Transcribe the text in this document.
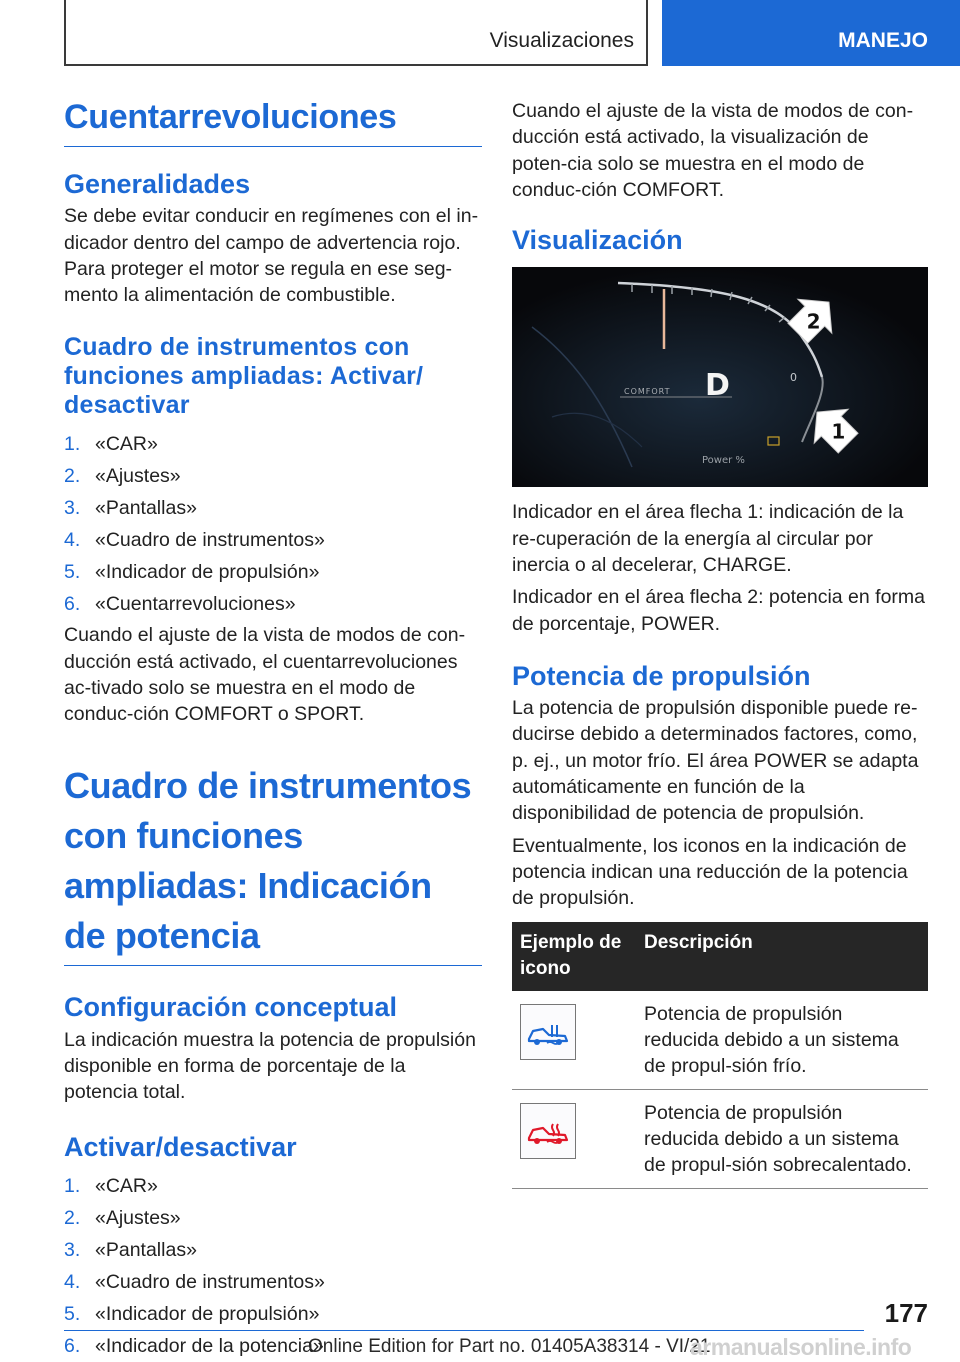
Visualizaciones	MANEJO
Cuentarrevoluciones
Generalidades

Se debe evitar conducir en regímenes con el in-dicador dentro del campo de advertencia rojo. Para proteger el motor se regula en ese seg-mento la alimentación de combustible.

Cuadro de instrumentos con funciones ampliadas: Activar/ desactivar
1. «CAR»
2. «Ajustes»
3. «Pantallas»
4. «Cuadro de instrumentos»
5. «Indicador de propulsión»
6. «Cuentarrevoluciones»

Cuando el ajuste de la vista de modos de con-ducción está activado, el cuentarrevoluciones ac-tivado solo se muestra en el modo de conduc-ción COMFORT o SPORT.

Cuadro de instrumentos con funciones ampliadas: Indicación de potencia
Configuración conceptual

La indicación muestra la potencia de propulsión disponible en forma de porcentaje de la potencia total.

Activar/desactivar
1. «CAR»
2. «Ajustes»
3. «Pantallas»
4. «Cuadro de instrumentos»
5. «Indicador de propulsión»
6. «Indicador de la potencia»

Cuando el ajuste de la vista de modos de con-ducción está activado, la visualización de poten-cia solo se muestra en el modo de conduc-ción COMFORT.

Visualización
COMFORT D	0
Power %
2
1

Indicador en el área flecha 1: indicación de la re-cuperación de la energía al circular por inercia o al decelerar, CHARGE.

Indicador en el área flecha 2: potencia en forma de porcentaje, POWER.

Potencia de propulsión

La potencia de propulsión disponible puede re-ducirse debido a determinados factores, como, p. ej., un motor frío. El área POWER se adapta automáticamente en función de la disponibilidad de potencia de propulsión.

Eventualmente, los iconos en la indicación de potencia indican una reducción de la potencia de propulsión.

Ejemplo de icono	Descripción

	Potencia de propulsión reducida debido a un sistema de propul-sión frío.

	Potencia de propulsión reducida debido a un sistema de propul-sión sobrecalentado.
177
Online Edition for Part no. 01405A38314 - VI/21
armanualsonline.info
